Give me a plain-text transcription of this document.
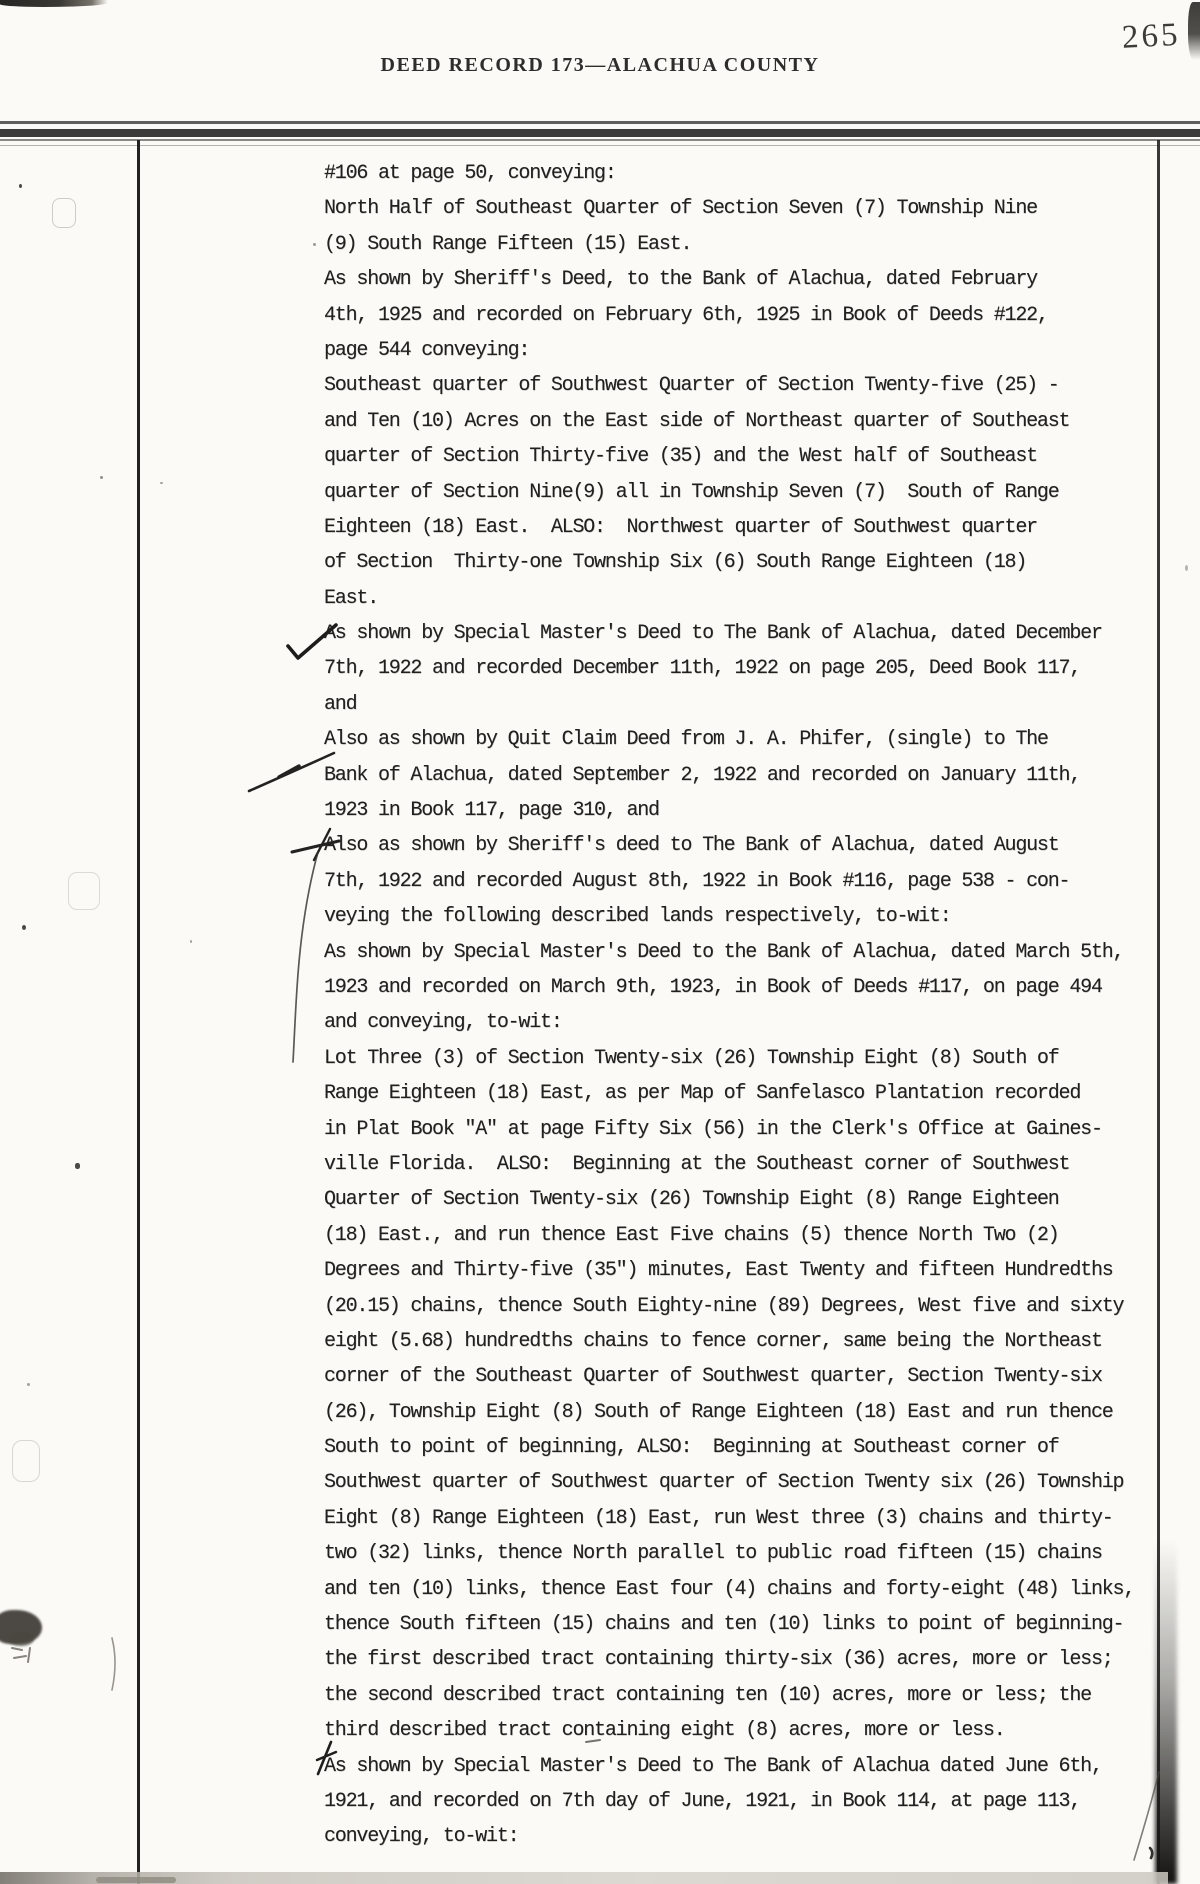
DEED RECORD 173—ALACHUA COUNTY
265
#106 at page 50, conveying:
North Half of Southeast Quarter of Section Seven (7) Township Nine
(9) South Range Fifteen (15) East.
As shown by Sheriff's Deed, to the Bank of Alachua, dated February
4th, 1925 and recorded on February 6th, 1925 in Book of Deeds #122,
page 544 conveying:
Southeast quarter of Southwest Quarter of Section Twenty-five (25) -
and Ten (10) Acres on the East side of Northeast quarter of Southeast
quarter of Section Thirty-five (35) and the West half of Southeast
quarter of Section Nine(9) all in Township Seven (7)  South of Range
Eighteen (18) East.  ALSO:  Northwest quarter of Southwest quarter
of Section  Thirty-one Township Six (6) South Range Eighteen (18)
East.
As shown by Special Master's Deed to The Bank of Alachua, dated December
7th, 1922 and recorded December 11th, 1922 on page 205, Deed Book 117,
and
Also as shown by Quit Claim Deed from J. A. Phifer, (single) to The
Bank of Alachua, dated September 2, 1922 and recorded on January 11th,
1923 in Book 117, page 310, and
Also as shown by Sheriff's deed to The Bank of Alachua, dated August
7th, 1922 and recorded August 8th, 1922 in Book #116, page 538 - con-
veying the following described lands respectively, to-wit:
As shown by Special Master's Deed to the Bank of Alachua, dated March 5th,
1923 and recorded on March 9th, 1923, in Book of Deeds #117, on page 494
and conveying, to-wit:
Lot Three (3) of Section Twenty-six (26) Township Eight (8) South of
Range Eighteen (18) East, as per Map of Sanfelasco Plantation recorded
in Plat Book "A" at page Fifty Six (56) in the Clerk's Office at Gaines-
ville Florida.  ALSO:  Beginning at the Southeast corner of Southwest
Quarter of Section Twenty-six (26) Township Eight (8) Range Eighteen
(18) East., and run thence East Five chains (5) thence North Two (2)
Degrees and Thirty-five (35") minutes, East Twenty and fifteen Hundredths
(20.15) chains, thence South Eighty-nine (89) Degrees, West five and sixty
eight (5.68) hundredths chains to fence corner, same being the Northeast
corner of the Southeast Quarter of Southwest quarter, Section Twenty-six
(26), Township Eight (8) South of Range Eighteen (18) East and run thence
South to point of beginning, ALSO:  Beginning at Southeast corner of
Southwest quarter of Southwest quarter of Section Twenty six (26) Township
Eight (8) Range Eighteen (18) East, run West three (3) chains and thirty-
two (32) links, thence North parallel to public road fifteen (15) chains
and ten (10) links, thence East four (4) chains and forty-eight (48) links,
thence South fifteen (15) chains and ten (10) links to point of beginning-
the first described tract containing thirty-six (36) acres, more or less;
the second described tract containing ten (10) acres, more or less; the
third described tract containing eight (8) acres, more or less.
As shown by Special Master's Deed to The Bank of Alachua dated June 6th,
1921, and recorded on 7th day of June, 1921, in Book 114, at page 113,
conveying, to-wit:
